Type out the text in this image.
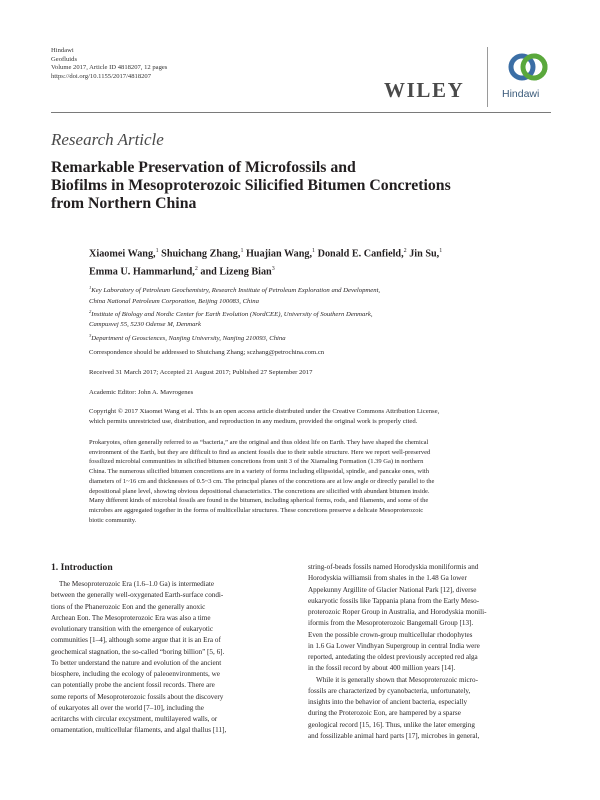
Hindawi
Geofluids
Volume 2017, Article ID 4818207, 12 pages
https://doi.org/10.1155/2017/4818207
WILEY	Hindawi
Research Article
Remarkable Preservation of Microfossils and
Biofilms in Mesoproterozoic Silicified Bitumen Concretions
from Northern China
Xiaomei Wang,$^1$ Shuichang Zhang,$^1$ Huajian Wang,$^1$ Donald E. Canfield,$^2$ Jin Su,$^1$
Emma U. Hammarlund,$^2$ and Lizeng Bian$^3$
$^1$Key Laboratory of Petroleum Geochemistry, Research Institute of Petroleum Exploration and Development,
China National Petroleum Corporation, Beijing 100083, China
$^2$Institute of Biology and Nordic Center for Earth Evolution (NordCEE), University of Southern Denmark,
Campusvej 55, 5230 Odense M, Denmark
$^3$Department of Geosciences, Nanjing University, Nanjing 210093, China
Correspondence should be addressed to Shuichang Zhang; sczhang@petrochina.com.cn
Received 31 March 2017; Accepted 21 August 2017; Published 27 September 2017
Academic Editor: John A. Mavrogenes
Copyright © 2017 Xiaomei Wang et al. This is an open access article distributed under the Creative Commons Attribution License,
which permits unrestricted use, distribution, and reproduction in any medium, provided the original work is properly cited.
Prokaryotes, often generally referred to as “bacteria,” are the original and thus oldest life on Earth. They have shaped the chemical
environment of the Earth, but they are difficult to find as ancient fossils due to their subtle structure. Here we report well-preserved
fossilized microbial communities in silicified bitumen concretions from unit 3 of the Xiamaling Formation (1.39 Ga) in northern
China. The numerous silicified bitumen concretions are in a variety of forms including ellipsoidal, spindle, and pancake ones, with
diameters of 1~16 cm and thicknesses of 0.5~3 cm. The principal planes of the concretions are at low angle or directly parallel to the
depositional plane level, showing obvious depositional characteristics. The concretions are silicified with abundant bitumen inside.
Many different kinds of microbial fossils are found in the bitumen, including spherical forms, rods, and filaments, and some of the
microbes are aggregated together in the forms of multicellular structures. These concretions preserve a delicate Mesoproterozoic
biotic community.
1. Introduction
The Mesoproterozoic Era (1.6–1.0 Ga) is intermediate
between the generally well-oxygenated Earth-surface condi-
tions of the Phanerozoic Eon and the generally anoxic
Archean Eon. The Mesoproterozoic Era was also a time
evolutionary transition with the emergence of eukaryotic
communities [1–4], although some argue that it is an Era of
geochemical stagnation, the so-called “boring billion” [5, 6].
To better understand the nature and evolution of the ancient
biosphere, including the ecology of paleoenvironments, we
can potentially probe the ancient fossil records. There are
some reports of Mesoproterozoic fossils about the discovery
of eukaryotes all over the world [7–10], including the
acritarchs with circular excystment, multilayered walls, or
ornamentation, multicellular filaments, and algal thallus [11],
string-of-beads fossils named Horodyskia moniliformis and
Horodyskia williamsii from shales in the 1.48 Ga lower
Appekunny Argillite of Glacier National Park [12], diverse
eukaryotic fossils like Tappania plana from the Early Meso-
proterozoic Roper Group in Australia, and Horodyskia monili-
iformis from the Mesoproterozoic Bangemall Group [13].
Even the possible crown-group multicellular rhodophytes
in 1.6 Ga Lower Vindhyan Supergroup in central India were
reported, antedating the oldest previously accepted red alga
in the fossil record by about 400 million years [14].
While it is generally shown that Mesoproterozoic micro-
fossils are characterized by cyanobacteria, unfortunately,
insights into the behavior of ancient bacteria, especially
during the Proterozoic Eon, are hampered by a sparse
geological record [15, 16]. Thus, unlike the later emerging
and fossilizable animal hard parts [17], microbes in general,
